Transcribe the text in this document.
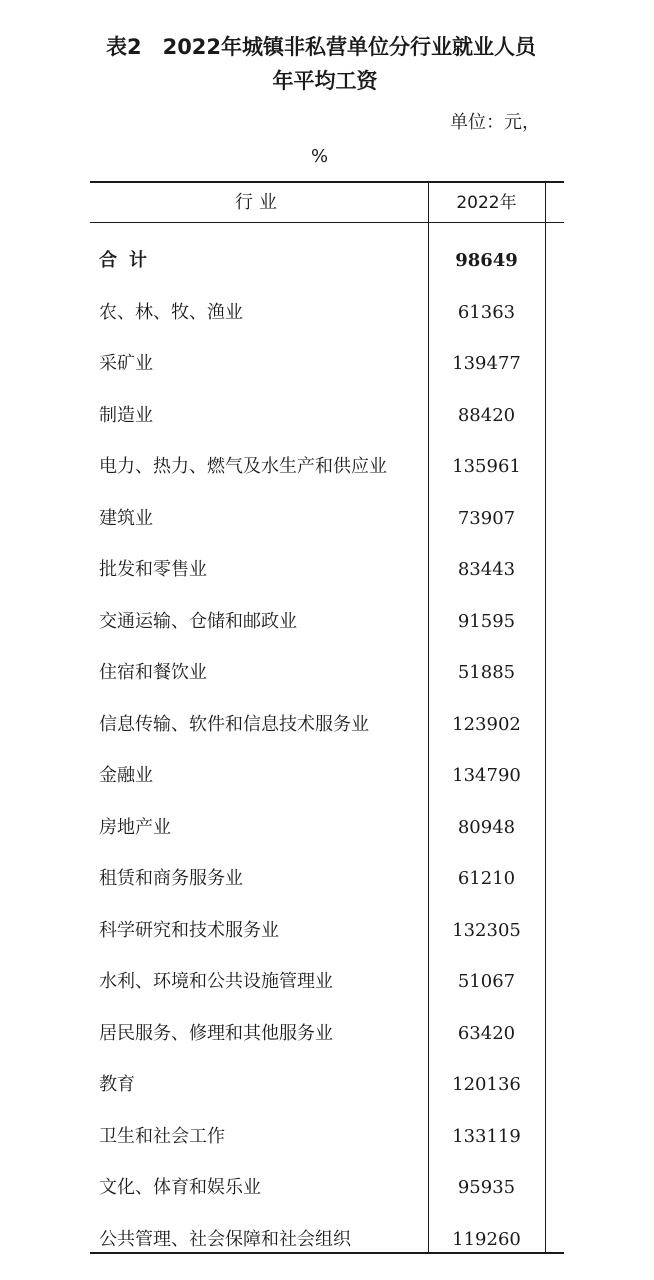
表2　2022年城镇非私营单位分行业就业人员
年平均工资
单位：元，
%
行业	2022年
合计	98649
农、林、牧、渔业	61363
采矿业	139477
制造业	88420
电力、热力、燃气及水生产和供应业	135961
建筑业	73907
批发和零售业	83443
交通运输、仓储和邮政业	91595
住宿和餐饮业	51885
信息传输、软件和信息技术服务业	123902
金融业	134790
房地产业	80948
租赁和商务服务业	61210
科学研究和技术服务业	132305
水利、环境和公共设施管理业	51067
居民服务、修理和其他服务业	63420
教育	120136
卫生和社会工作	133119
文化、体育和娱乐业	95935
公共管理、社会保障和社会组织	119260
